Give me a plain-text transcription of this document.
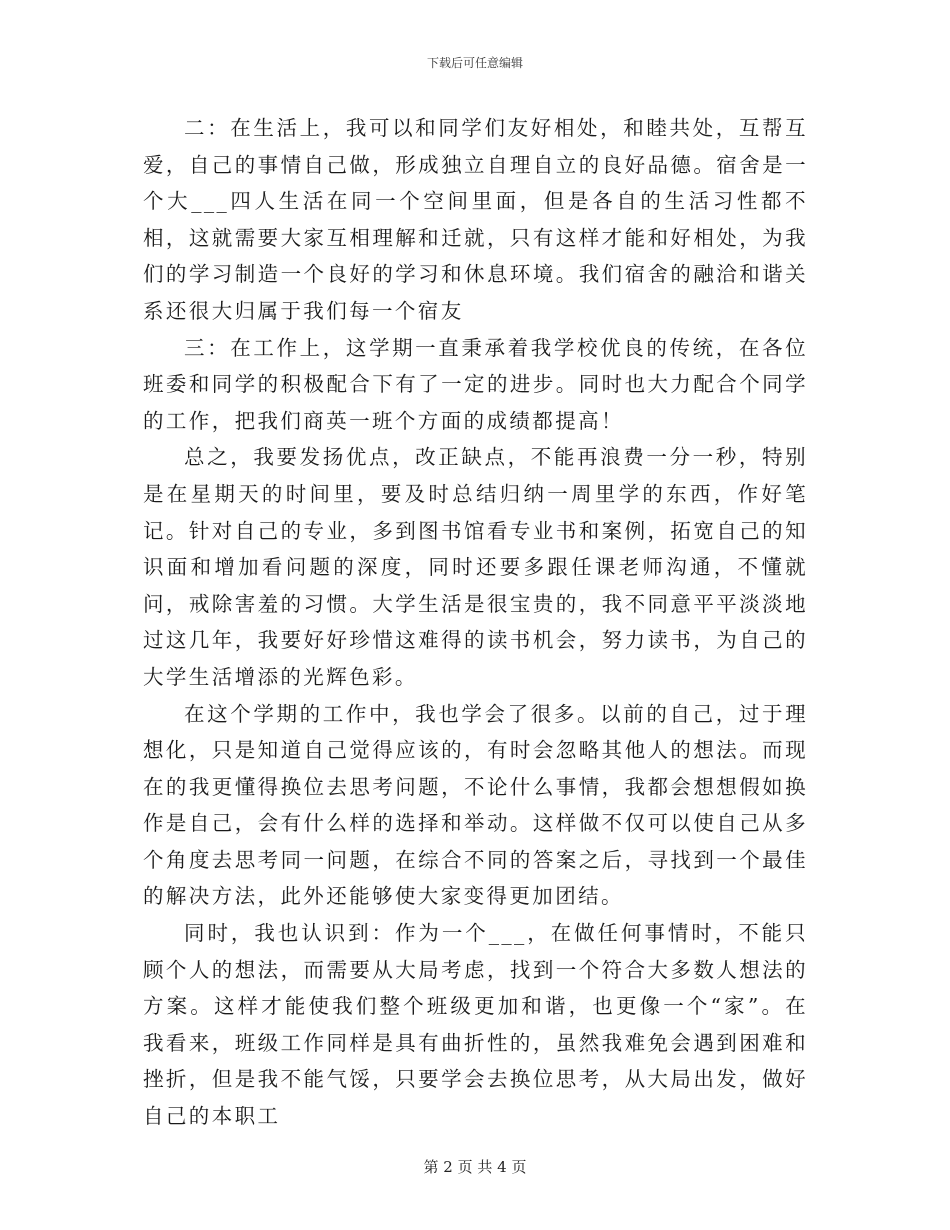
下载后可任意编辑

二：在生活上，我可以和同学们友好相处，和睦共处，互帮互爱，自己的事情自己做，形成独立自理自立的良好品德。宿舍是一个大___四人生活在同一个空间里面，但是各自的生活习性都不相，这就需要大家互相理解和迁就，只有这样才能和好相处，为我们的学习制造一个良好的学习和休息环境。我们宿舍的融洽和谐关系还很大归属于我们每一个宿友

三：在工作上，这学期一直秉承着我学校优良的传统，在各位班委和同学的积极配合下有了一定的进步。同时也大力配合个同学的工作，把我们商英一班个方面的成绩都提高！

总之，我要发扬优点，改正缺点，不能再浪费一分一秒，特别是在星期天的时间里，要及时总结归纳一周里学的东西，作好笔记。针对自己的专业，多到图书馆看专业书和案例，拓宽自己的知识面和增加看问题的深度，同时还要多跟任课老师沟通，不懂就问，戒除害羞的习惯。大学生活是很宝贵的，我不同意平平淡淡地过这几年，我要好好珍惜这难得的读书机会，努力读书，为自己的大学生活增添的光辉色彩。

在这个学期的工作中，我也学会了很多。以前的自己，过于理想化，只是知道自己觉得应该的，有时会忽略其他人的想法。而现在的我更懂得换位去思考问题，不论什么事情，我都会想想假如换作是自己，会有什么样的选择和举动。这样做不仅可以使自己从多个角度去思考同一问题，在综合不同的答案之后，寻找到一个最佳的解决方法，此外还能够使大家变得更加团结。

同时，我也认识到：作为一个___，在做任何事情时，不能只顾个人的想法，而需要从大局考虑，找到一个符合大多数人想法的方案。这样才能使我们整个班级更加和谐，也更像一个“家”。在我看来，班级工作同样是具有曲折性的，虽然我难免会遇到困难和挫折，但是我不能气馁，只要学会去换位思考，从大局出发，做好自己的本职工

第 2 页 共 4 页
